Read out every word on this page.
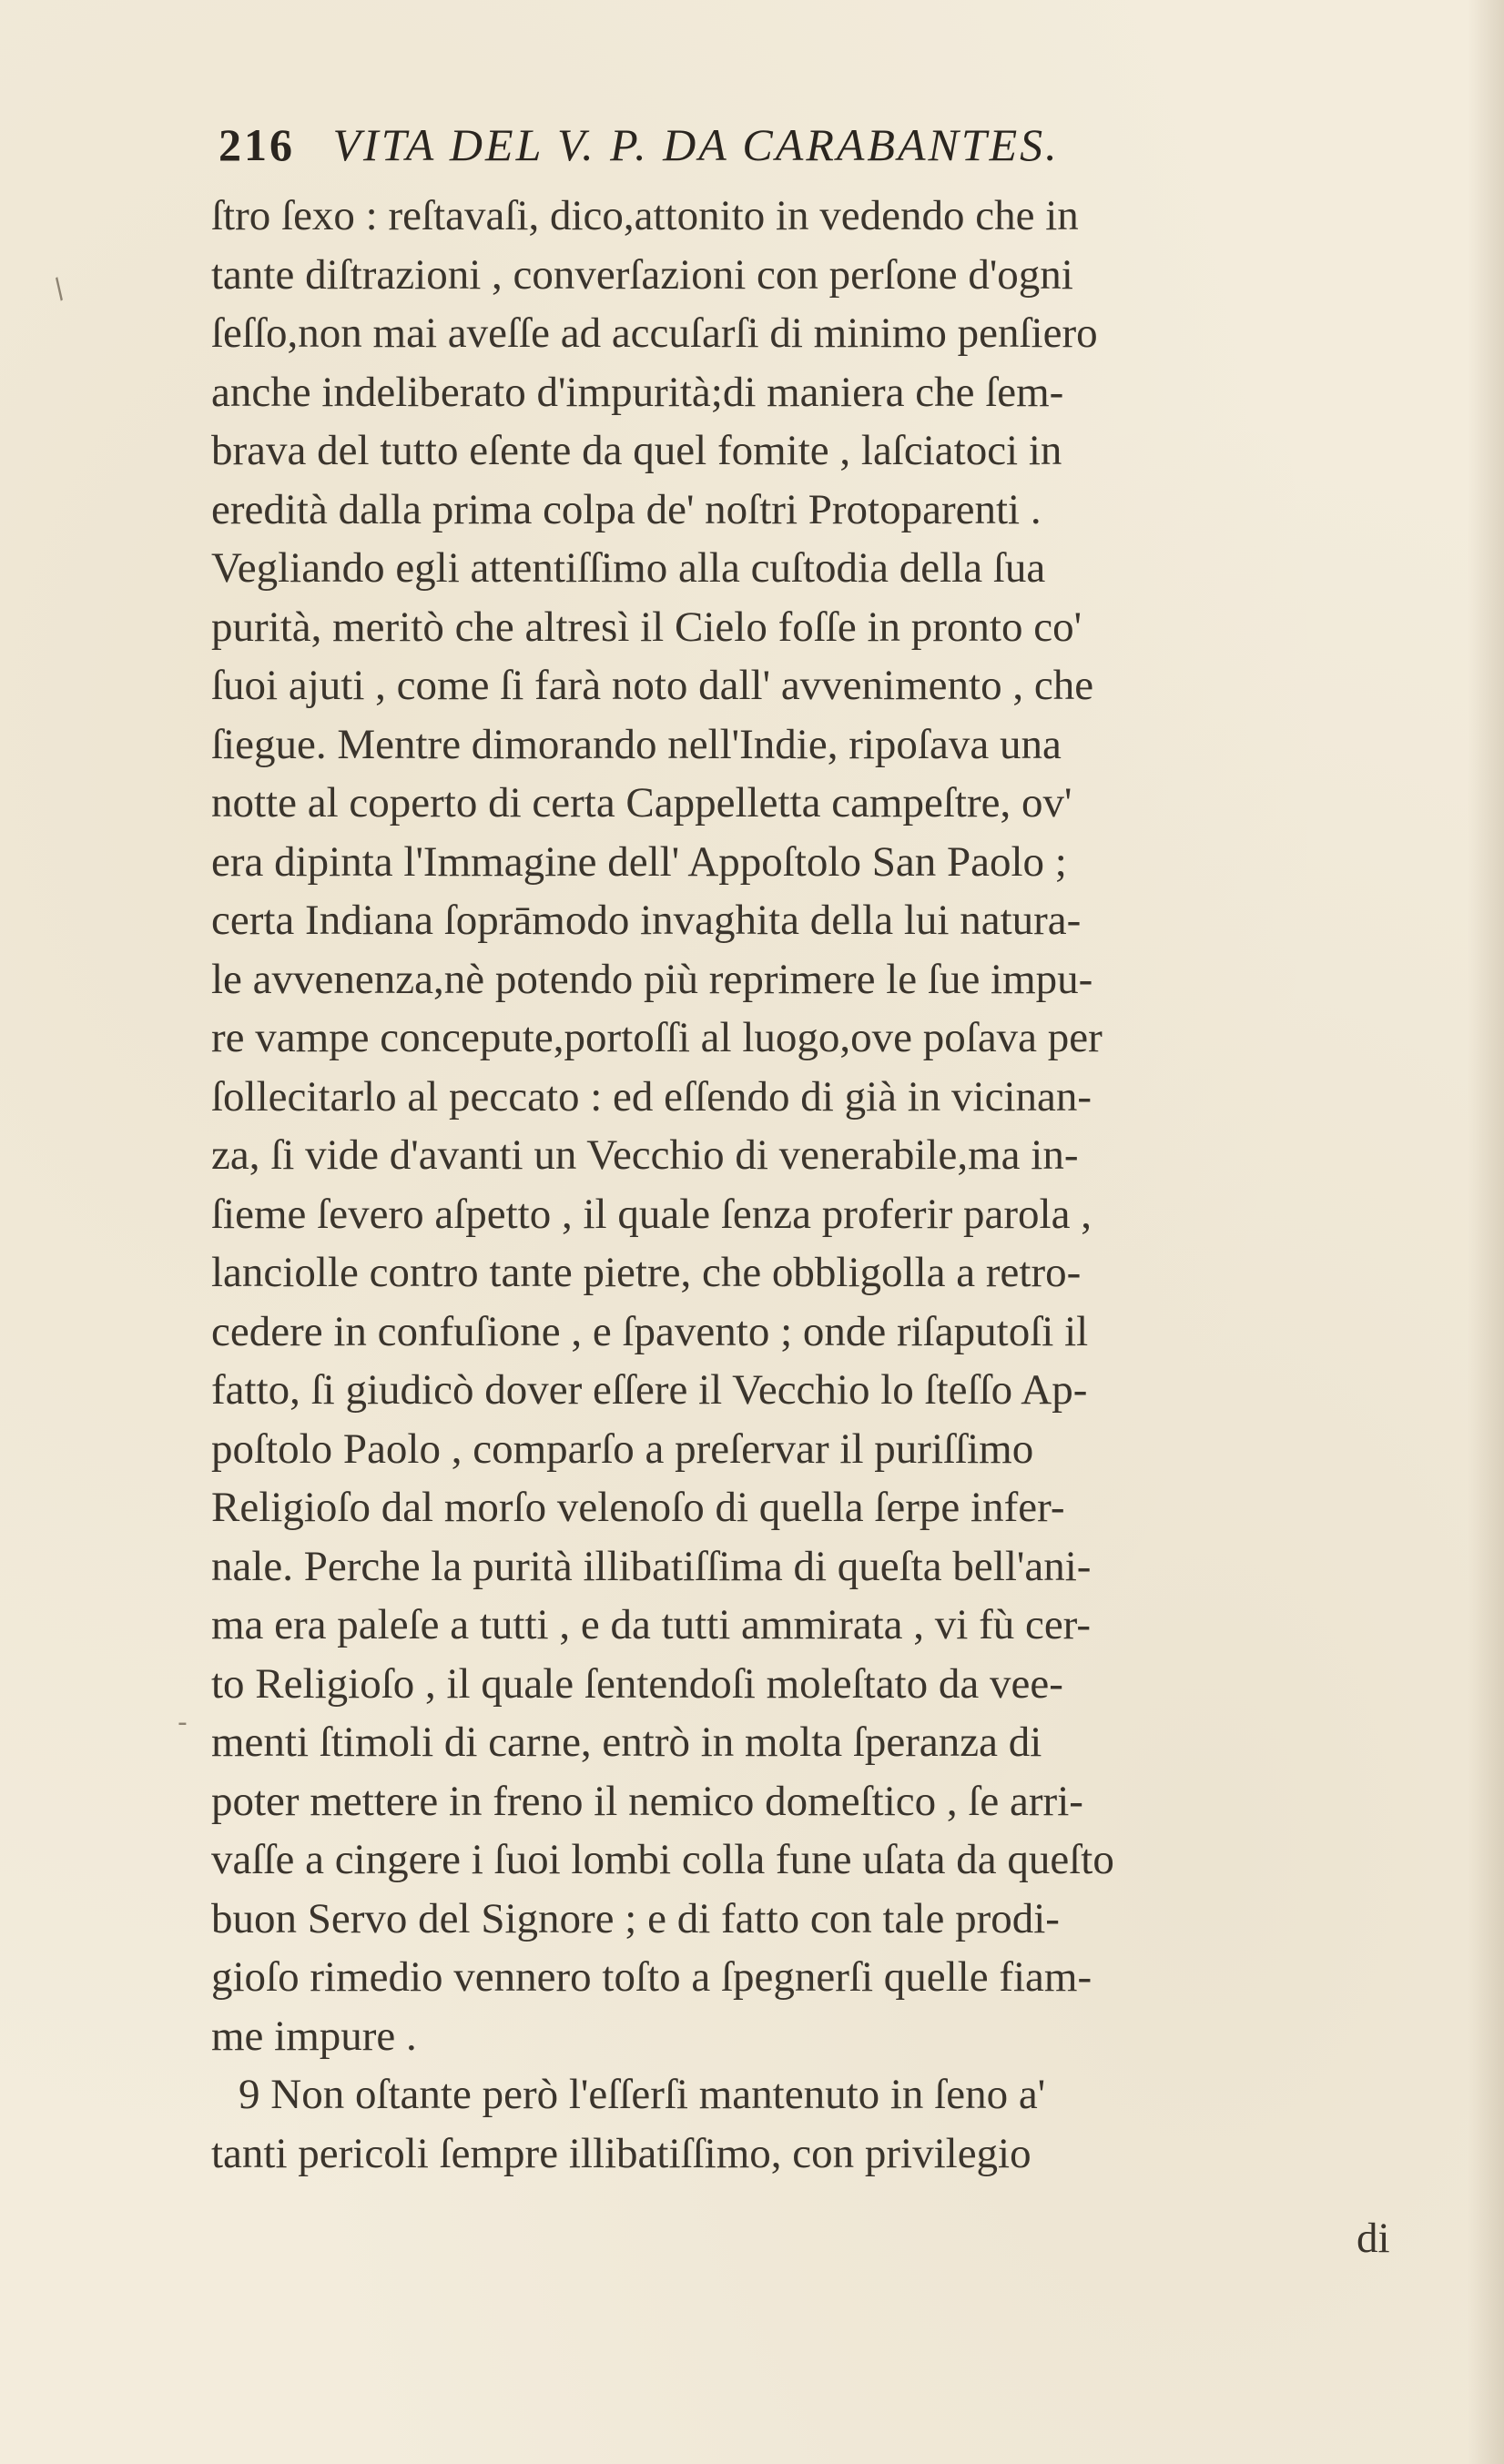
216 VITA DEL V. P. DA CARABANTES.
ſtro ſexo : reſtavaſi, dico,attonito in vedendo che in
tante diſtrazioni , converſazioni con perſone d'ogni
ſeſſo,non mai aveſſe ad accuſarſi di minimo penſiero
anche indeliberato d'impurità;di maniera che ſem-
brava del tutto eſente da quel fomite , laſciatoci in
eredità dalla prima colpa de' noſtri Protoparenti .
Vegliando egli attentiſſimo alla cuſtodia della ſua
purità, meritò che altresì il Cielo foſſe in pronto co'
ſuoi ajuti , come ſi farà noto dall' avvenimento , che
ſiegue. Mentre dimorando nell'Indie, ripoſava una
notte al coperto di certa Cappelletta campeſtre, ov'
era dipinta l'Immagine dell' Appoſtolo San Paolo ;
certa Indiana ſoprāmodo invaghita della lui natura-
le avvenenza,nè potendo più reprimere le ſue impu-
re vampe concepute,portoſſi al luogo,ove poſava per
ſollecitarlo al peccato : ed eſſendo di già in vicinan-
za, ſi vide d'avanti un Vecchio di venerabile,ma in-
ſieme ſevero aſpetto , il quale ſenza proferir parola ,
lanciolle contro tante pietre, che obbligolla a retro-
cedere in confuſione , e ſpavento ; onde riſaputoſi il
fatto, ſi giudicò dover eſſere il Vecchio lo ſteſſo Ap-
poſtolo Paolo , comparſo a preſervar il puriſſimo
Religioſo dal morſo velenoſo di quella ſerpe infer-
nale. Perche la purità illibatiſſima di queſta bell'ani-
ma era paleſe a tutti , e da tutti ammirata , vi fù cer-
to Religioſo , il quale ſentendoſi moleſtato da vee-
menti ſtimoli di carne, entrò in molta ſperanza di
poter mettere in freno il nemico domeſtico , ſe arri-
vaſſe a cingere i ſuoi lombi colla fune uſata da queſto
buon Servo del Signore ; e di fatto con tale prodi-
gioſo rimedio vennero toſto a ſpegnerſi quelle fiam-
me impure .
9 Non oſtante però l'eſſerſi mantenuto in ſeno a'
tanti pericoli ſempre illibatiſſimo, con privilegio
di
/
-
